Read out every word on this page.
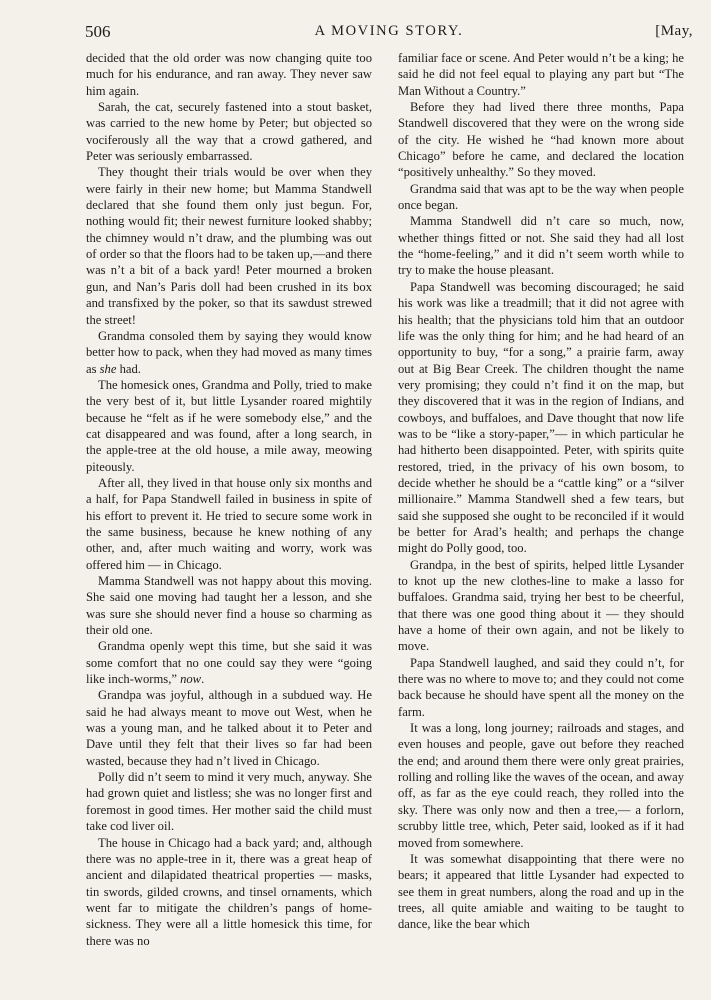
506	A MOVING STORY.	[May,

decided that the old order was now changing quite too much for his endurance, and ran away. They never saw him again.

Sarah, the cat, securely fastened into a stout basket, was carried to the new home by Peter; but objected so vociferously all the way that a crowd gathered, and Peter was seriously embarrassed.

They thought their trials would be over when they were fairly in their new home; but Mamma Standwell declared that she found them only just begun. For, nothing would fit; their newest furniture looked shabby; the chimney would n’t draw, and the plumbing was out of order so that the floors had to be taken up,—and there was n’t a bit of a back yard! Peter mourned a broken gun, and Nan’s Paris doll had been crushed in its box and transfixed by the poker, so that its sawdust strewed the street!

Grandma consoled them by saying they would know better how to pack, when they had moved as many times as she had.

The homesick ones, Grandma and Polly, tried to make the very best of it, but little Lysander roared mightily because he “felt as if he were somebody else,” and the cat disappeared and was found, after a long search, in the apple-tree at the old house, a mile away, meowing piteously.

After all, they lived in that house only six months and a half, for Papa Standwell failed in business in spite of his effort to prevent it. He tried to secure some work in the same business, because he knew nothing of any other, and, after much waiting and worry, work was offered him — in Chicago.

Mamma Standwell was not happy about this moving. She said one moving had taught her a lesson, and she was sure she should never find a house so charming as their old one.

Grandma openly wept this time, but she said it was some comfort that no one could say they were “going like inch-worms,” now.

Grandpa was joyful, although in a subdued way. He said he had always meant to move out West, when he was a young man, and he talked about it to Peter and Dave until they felt that their lives so far had been wasted, because they had n’t lived in Chicago.

Polly did n’t seem to mind it very much, anyway. She had grown quiet and listless; she was no longer first and foremost in good times. Her mother said the child must take cod liver oil.

The house in Chicago had a back yard; and, although there was no apple-tree in it, there was a great heap of ancient and dilapidated theatrical properties — masks, tin swords, gilded crowns, and tinsel ornaments, which went far to mitigate the children’s pangs of home-sickness. They were all a little homesick this time, for there was no

familiar face or scene. And Peter would n’t be a king; he said he did not feel equal to playing any part but “The Man Without a Country.”

Before they had lived there three months, Papa Standwell discovered that they were on the wrong side of the city. He wished he “had known more about Chicago” before he came, and declared the location “positively unhealthy.” So they moved.

Grandma said that was apt to be the way when people once began.

Mamma Standwell did n’t care so much, now, whether things fitted or not. She said they had all lost the “home-feeling,” and it did n’t seem worth while to try to make the house pleasant.

Papa Standwell was becoming discouraged; he said his work was like a treadmill; that it did not agree with his health; that the physicians told him that an outdoor life was the only thing for him; and he had heard of an opportunity to buy, “for a song,” a prairie farm, away out at Big Bear Creek. The children thought the name very promising; they could n’t find it on the map, but they discovered that it was in the region of Indians, and cowboys, and buffaloes, and Dave thought that now life was to be “like a story-paper,”— in which particular he had hitherto been disappointed. Peter, with spirits quite restored, tried, in the privacy of his own bosom, to decide whether he should be a “cattle king” or a “silver millionaire.” Mamma Standwell shed a few tears, but said she supposed she ought to be reconciled if it would be better for Arad’s health; and perhaps the change might do Polly good, too.

Grandpa, in the best of spirits, helped little Lysander to knot up the new clothes-line to make a lasso for buffaloes. Grandma said, trying her best to be cheerful, that there was one good thing about it — they should have a home of their own again, and not be likely to move.

Papa Standwell laughed, and said they could n’t, for there was no where to move to; and they could not come back because he should have spent all the money on the farm.

It was a long, long journey; railroads and stages, and even houses and people, gave out before they reached the end; and around them there were only great prairies, rolling and rolling like the waves of the ocean, and away off, as far as the eye could reach, they rolled into the sky. There was only now and then a tree,— a forlorn, scrubby little tree, which, Peter said, looked as if it had moved from somewhere.

It was somewhat disappointing that there were no bears; it appeared that little Lysander had expected to see them in great numbers, along the road and up in the trees, all quite amiable and waiting to be taught to dance, like the bear which
